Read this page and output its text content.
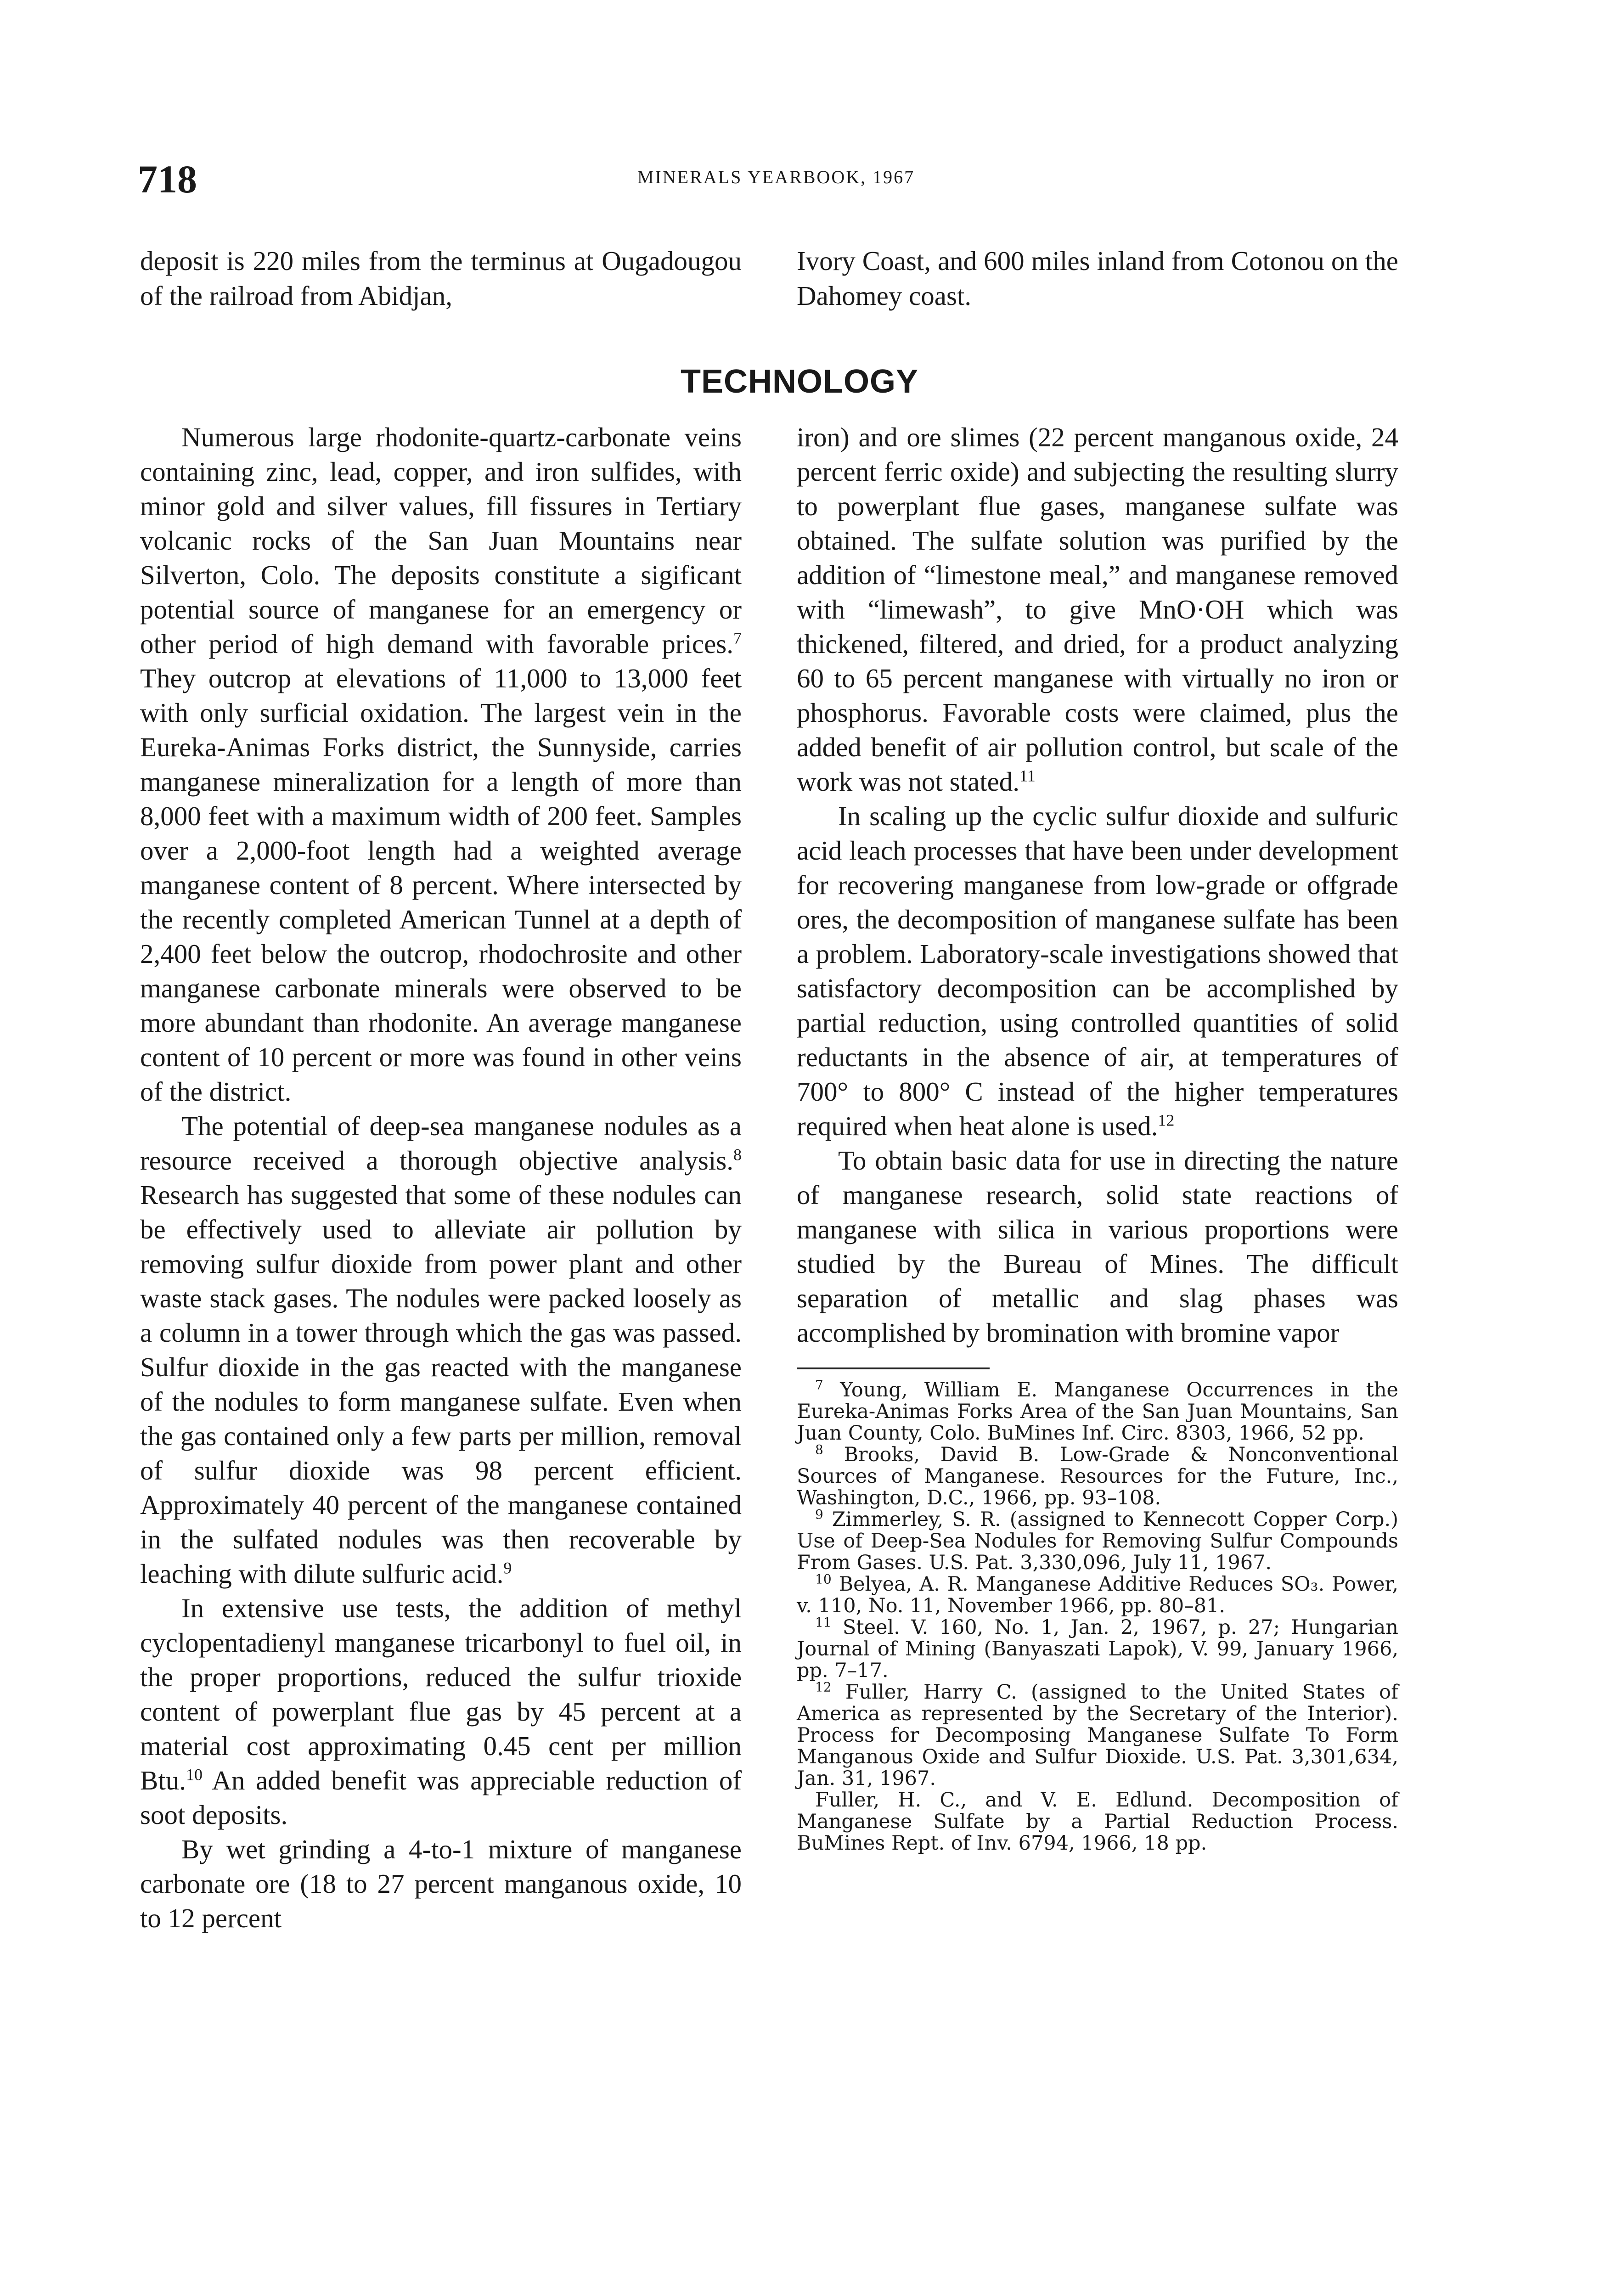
718	MINERALS YEARBOOK, 1967

deposit is 220 miles from the terminus at Ougadougou of the railroad from Abidjan,

Ivory Coast, and 600 miles inland from Cotonou on the Dahomey coast.

TECHNOLOGY

Numerous large rhodonite-quartz-carbonate veins containing zinc, lead, copper, and iron sulfides, with minor gold and silver values, fill fissures in Tertiary volcanic rocks of the San Juan Mountains near Silverton, Colo. The deposits constitute a sigificant potential source of manganese for an emergency or other period of high demand with favorable prices.$^7$ They outcrop at elevations of 11,000 to 13,000 feet with only surficial oxidation. The largest vein in the Eureka-Animas Forks district, the Sunnyside, carries manganese mineralization for a length of more than 8,000 feet with a maximum width of 200 feet. Samples over a 2,000-foot length had a weighted average manganese content of 8 percent. Where intersected by the recently completed American Tunnel at a depth of 2,400 feet below the outcrop, rhodochrosite and other manganese carbonate minerals were observed to be more abundant than rhodonite. An average manganese content of 10 percent or more was found in other veins of the district.

The potential of deep-sea manganese nodules as a resource received a thorough objective analysis.$^8$ Research has suggested that some of these nodules can be effectively used to alleviate air pollution by removing sulfur dioxide from power plant and other waste stack gases. The nodules were packed loosely as a column in a tower through which the gas was passed. Sulfur dioxide in the gas reacted with the manganese of the nodules to form manganese sulfate. Even when the gas contained only a few parts per million, removal of sulfur dioxide was 98 percent efficient. Approximately 40 percent of the manganese contained in the sulfated nodules was then recoverable by leaching with dilute sulfuric acid.$^9$

In extensive use tests, the addition of methyl cyclopentadienyl manganese tricarbonyl to fuel oil, in the proper proportions, reduced the sulfur trioxide content of powerplant flue gas by 45 percent at a material cost approximating 0.45 cent per million Btu.$^{10}$ An added benefit was appreciable reduction of soot deposits.

By wet grinding a 4-to-1 mixture of manganese carbonate ore (18 to 27 percent manganous oxide, 10 to 12 percent

iron) and ore slimes (22 percent manganous oxide, 24 percent ferric oxide) and subjecting the resulting slurry to powerplant flue gases, manganese sulfate was obtained. The sulfate solution was purified by the addition of “limestone meal,” and manganese removed with “limewash”, to give MnO·OH which was thickened, filtered, and dried, for a product analyzing 60 to 65 percent manganese with virtually no iron or phosphorus. Favorable costs were claimed, plus the added benefit of air pollution control, but scale of the work was not stated.$^{11}$

In scaling up the cyclic sulfur dioxide and sulfuric acid leach processes that have been under development for recovering manganese from low-grade or offgrade ores, the decomposition of manganese sulfate has been a problem. Laboratory-scale investigations showed that satisfactory decomposition can be accomplished by partial reduction, using controlled quantities of solid reductants in the absence of air, at temperatures of 700° to 800° C instead of the higher temperatures required when heat alone is used.$^{12}$

To obtain basic data for use in directing the nature of manganese research, solid state reactions of manganese with silica in various proportions were studied by the Bureau of Mines. The difficult separation of metallic and slag phases was accomplished by bromination with bromine vapor

$^7$ Young, William E. Manganese Occurrences in the Eureka-Animas Forks Area of the San Juan Mountains, San Juan County, Colo. BuMines Inf. Circ. 8303, 1966, 52 pp.

$^8$ Brooks, David B. Low-Grade & Nonconventional Sources of Manganese. Resources for the Future, Inc., Washington, D.C., 1966, pp. 93–108.

$^9$ Zimmerley, S. R. (assigned to Kennecott Copper Corp.) Use of Deep-Sea Nodules for Removing Sulfur Compounds From Gases. U.S. Pat. 3,330,096, July 11, 1967.

$^{10}$ Belyea, A. R. Manganese Additive Reduces SO₃. Power, v. 110, No. 11, November 1966, pp. 80–81.

$^{11}$ Steel. V. 160, No. 1, Jan. 2, 1967, p. 27; Hungarian Journal of Mining (Banyaszati Lapok), V. 99, January 1966, pp. 7–17.

$^{12}$ Fuller, Harry C. (assigned to the United States of America as represented by the Secretary of the Interior). Process for Decomposing Manganese Sulfate To Form Manganous Oxide and Sulfur Dioxide. U.S. Pat. 3,301,634, Jan. 31, 1967.

Fuller, H. C., and V. E. Edlund. Decomposition of Manganese Sulfate by a Partial Reduction Process. BuMines Rept. of Inv. 6794, 1966, 18 pp.
